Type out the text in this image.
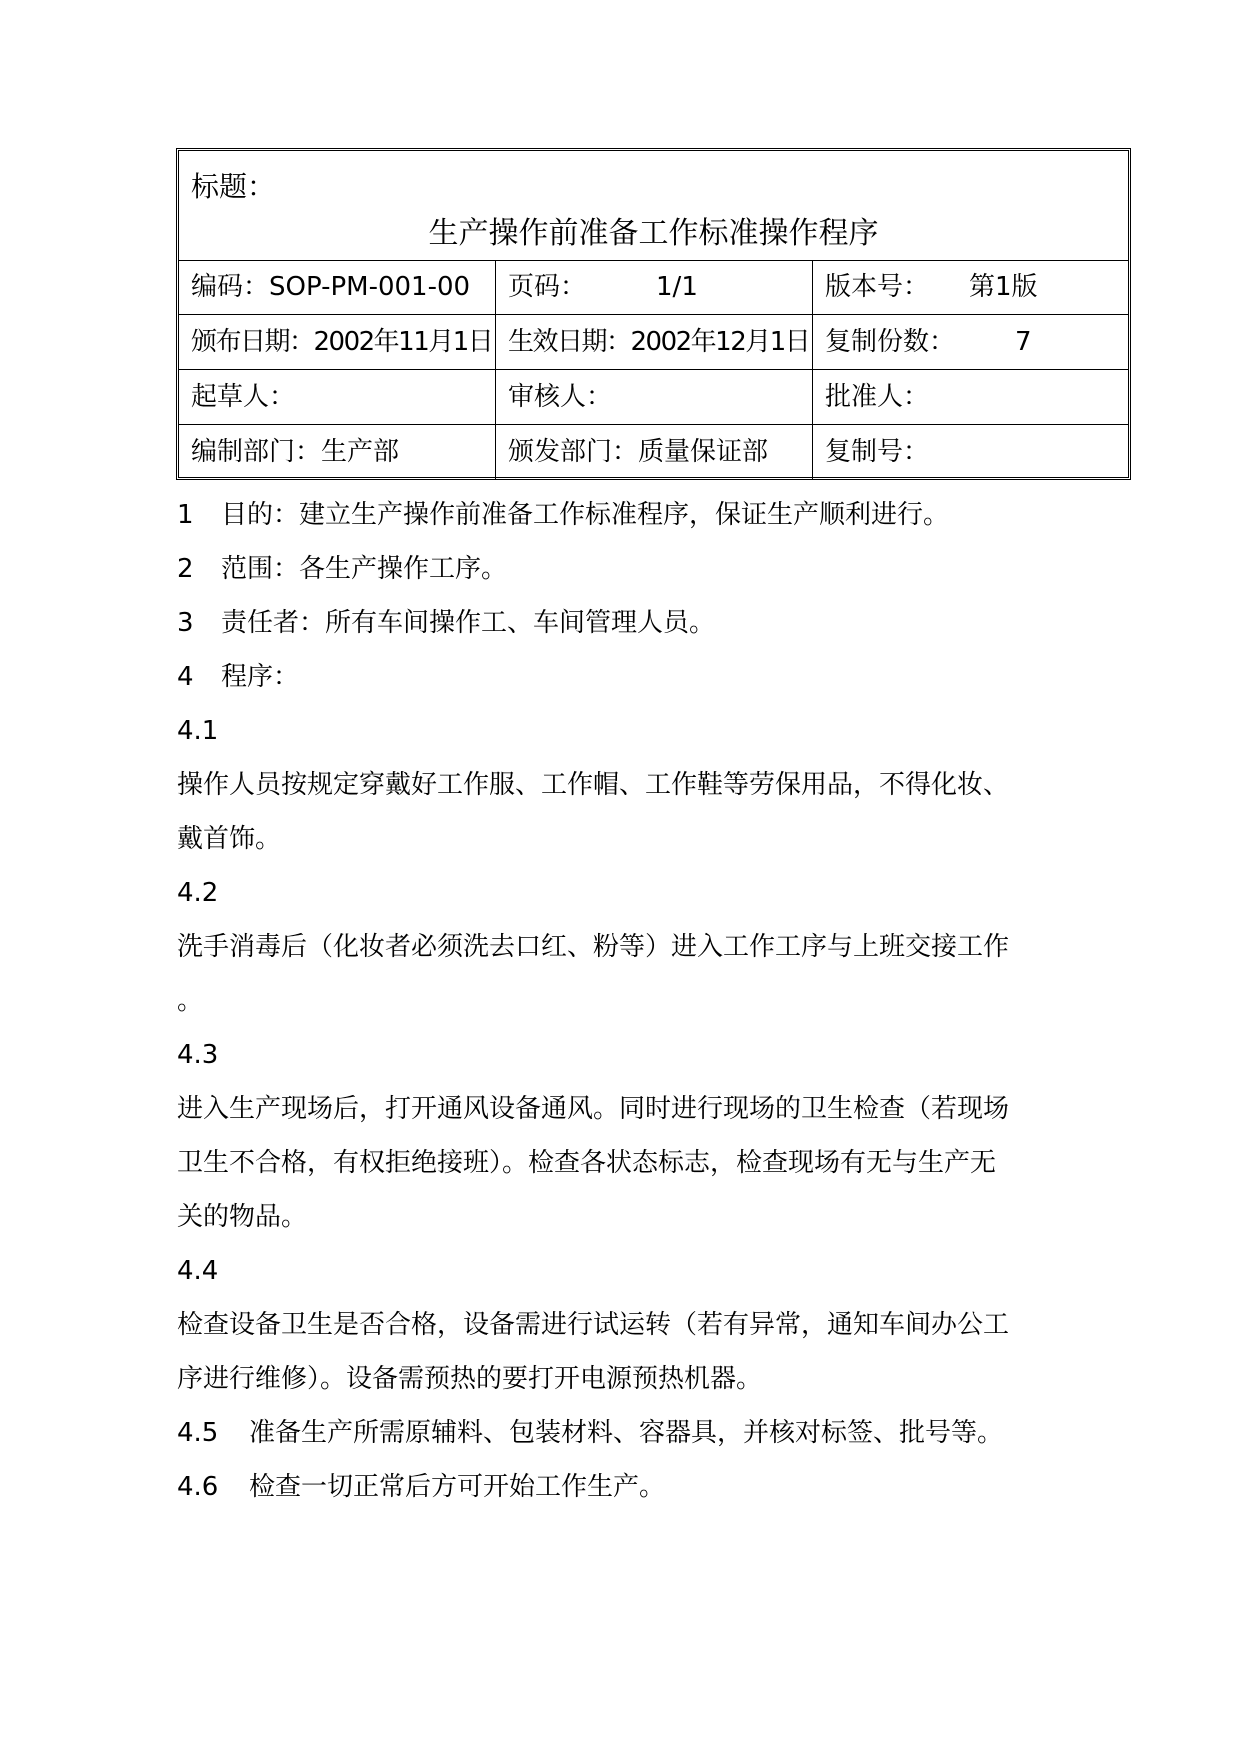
标题：
生产操作前准备工作标准操作程序
编码：SOP-PM-001-00	页码：	1/1	版本号： 第1版
颁布日期：2002年11月1日 生效日期：2002年12月1日 复制份数： 7
起草人：	审核人：	批准人：
编制部门：生产部	颁发部门：质量保证部	复制号：
1 目的：建立生产操作前准备工作标准程序，保证生产顺利进行。
2 范围：各生产操作工序。
3 责任者：所有车间操作工、车间管理人员。
4 程序：
4.1
操作人员按规定穿戴好工作服、工作帽、工作鞋等劳保用品，不得化妆、
戴首饰。
4.2
洗手消毒后（化妆者必须洗去口红、粉等）进入工作工序与上班交接工作
。
4.3
进入生产现场后，打开通风设备通风。同时进行现场的卫生检查（若现场
卫生不合格，有权拒绝接班）。检查各状态标志，检查现场有无与生产无
关的物品。
4.4
检查设备卫生是否合格，设备需进行试运转（若有异常，通知车间办公工
序进行维修）。设备需预热的要打开电源预热机器。
4.5 准备生产所需原辅料、包装材料、容器具，并核对标签、批号等。
4.6 检查一切正常后方可开始工作生产。
